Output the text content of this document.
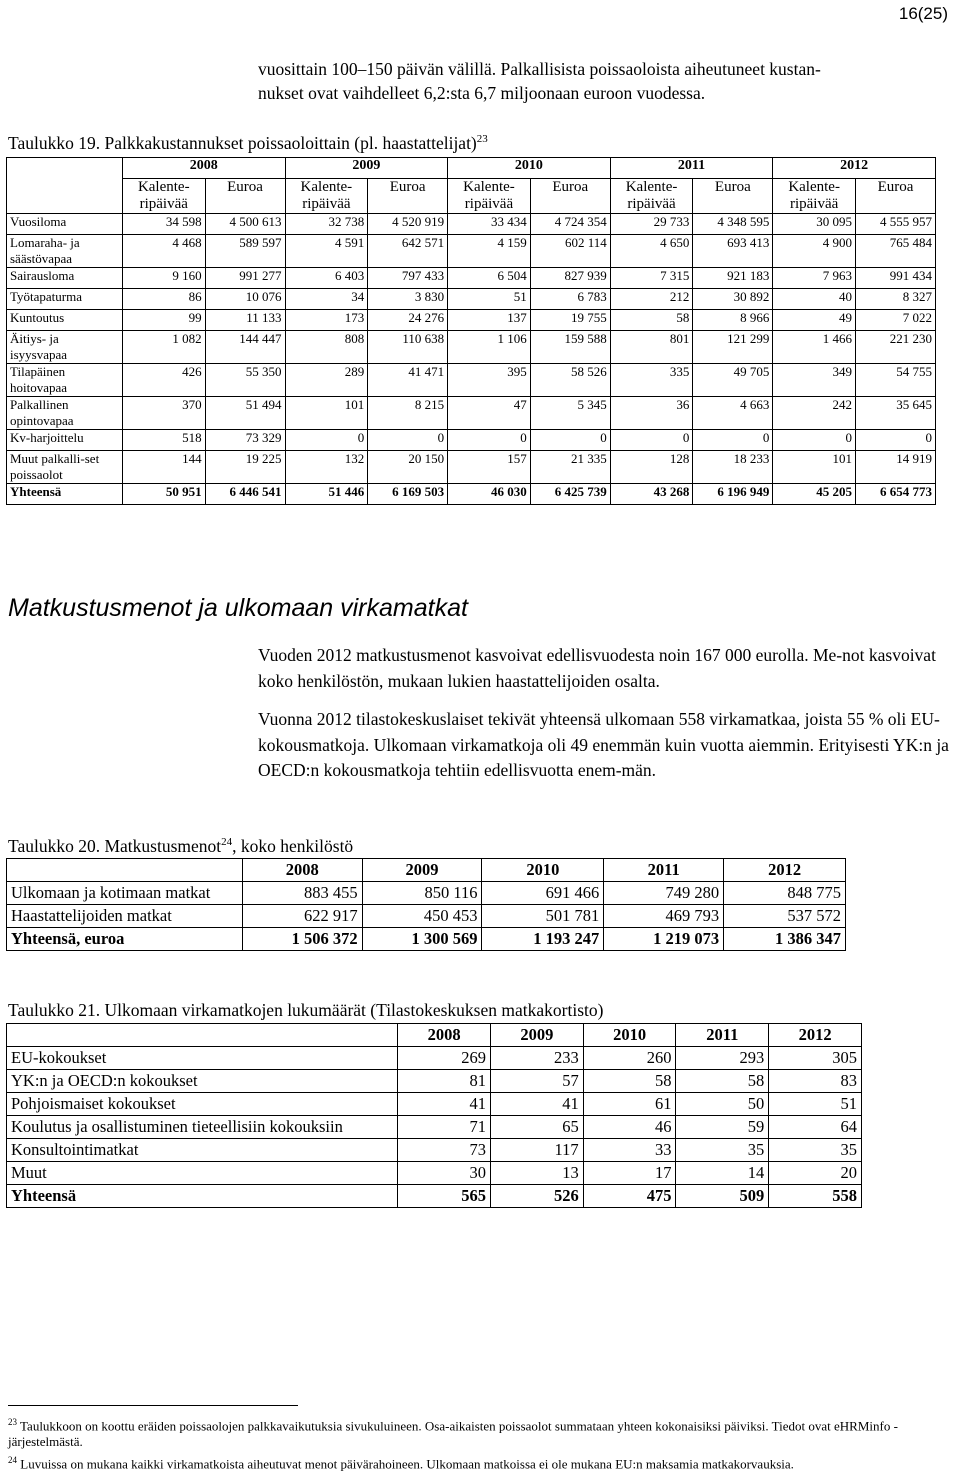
16(25)
vuosittain 100–150 päivän välillä. Palkallisista poissaoloista aiheutuneet kustan-
nukset ovat vaihdelleet 6,2:sta 6,7 miljoonaan euroon vuodessa.
Taulukko 19. Palkkakustannukset poissaoloittain (pl. haastattelijat)$^{23}$
	2008		2009		2010		2011		2012	
	Kalente-ripäivää	Euroa	Kalente-ripäivää	Euroa	Kalente-ripäivää	Euroa	Kalente-ripäivää	Euroa	Kalente-ripäivää	Euroa
Vuosiloma	34 598	4 500 613	32 738	4 520 919	33 434	4 724 354	29 733	4 348 595	30 095	4 555 957
Lomaraha- ja säästövapaa	4 468	589 597	4 591	642 571	4 159	602 114	4 650	693 413	4 900	765 484
Sairausloma	9 160	991 277	6 403	797 433	6 504	827 939	7 315	921 183	7 963	991 434
Työtapaturma	86	10 076	34	3 830	51	6 783	212	30 892	40	8 327
Kuntoutus	99	11 133	173	24 276	137	19 755	58	8 966	49	7 022
Äitiys- ja isyysvapaa	1 082	144 447	808	110 638	1 106	159 588	801	121 299	1 466	221 230
Tilapäinen hoitovapaa	426	55 350	289	41 471	395	58 526	335	49 705	349	54 755
Palkallinen opintovapaa	370	51 494	101	8 215	47	5 345	36	4 663	242	35 645
Kv-harjoittelu	518	73 329	0	0	0	0	0	0	0	0
Muut palkalli-set poissaolot	144	19 225	132	20 150	157	21 335	128	18 233	101	14 919
Yhteensä	50 951	6 446 541	51 446	6 169 503	46 030	6 425 739	43 268	6 196 949	45 205	6 654 773
Matkustusmenot ja ulkomaan virkamatkat
Vuoden 2012 matkustusmenot kasvoivat edellisvuodesta noin 167 000 eurolla. Me-not kasvoivat koko henkilöstön, mukaan lukien haastattelijoiden osalta.
Vuonna 2012 tilastokeskuslaiset tekivät yhteensä ulkomaan 558 virkamatkaa, joista 55 % oli EU-kokousmatkoja. Ulkomaan virkamatkoja oli 49 enemmän kuin vuotta aiemmin. Erityisesti YK:n ja OECD:n kokousmatkoja tehtiin edellisvuotta enem-män.
Taulukko 20. Matkustusmenot$^{24}$, koko henkilöstö
	2008	2009	2010	2011	2012
Ulkomaan ja kotimaan matkat	883 455	850 116	691 466	749 280	848 775
Haastattelijoiden matkat	622 917	450 453	501 781	469 793	537 572
Yhteensä, euroa	1 506 372	1 300 569	1 193 247	1 219 073	1 386 347
Taulukko 21. Ulkomaan virkamatkojen lukumäärät (Tilastokeskuksen matkakortisto)
	2008	2009	2010	2011	2012
EU-kokoukset	269	233	260	293	305
YK:n ja OECD:n kokoukset	81	57	58	58	83
Pohjoismaiset kokoukset	41	41	61	50	51
Koulutus ja osallistuminen tieteellisiin kokouksiin	71	65	46	59	64
Konsultointimatkat	73	117	33	35	35
Muut	30	13	17	14	20
Yhteensä	565	526	475	509	558
$^{23}$ Taulukkoon on koottu eräiden poissaolojen palkkavaikutuksia sivukuluineen. Osa-aikaisten poissaolot summataan yhteen kokonaisiksi päiviksi. Tiedot ovat eHRMinfo -järjestelmästä.
$^{24}$ Luvuissa on mukana kaikki virkamatkoista aiheutuvat menot päivärahoineen. Ulkomaan matkoissa ei ole mukana EU:n maksamia matkakorvauksia.
